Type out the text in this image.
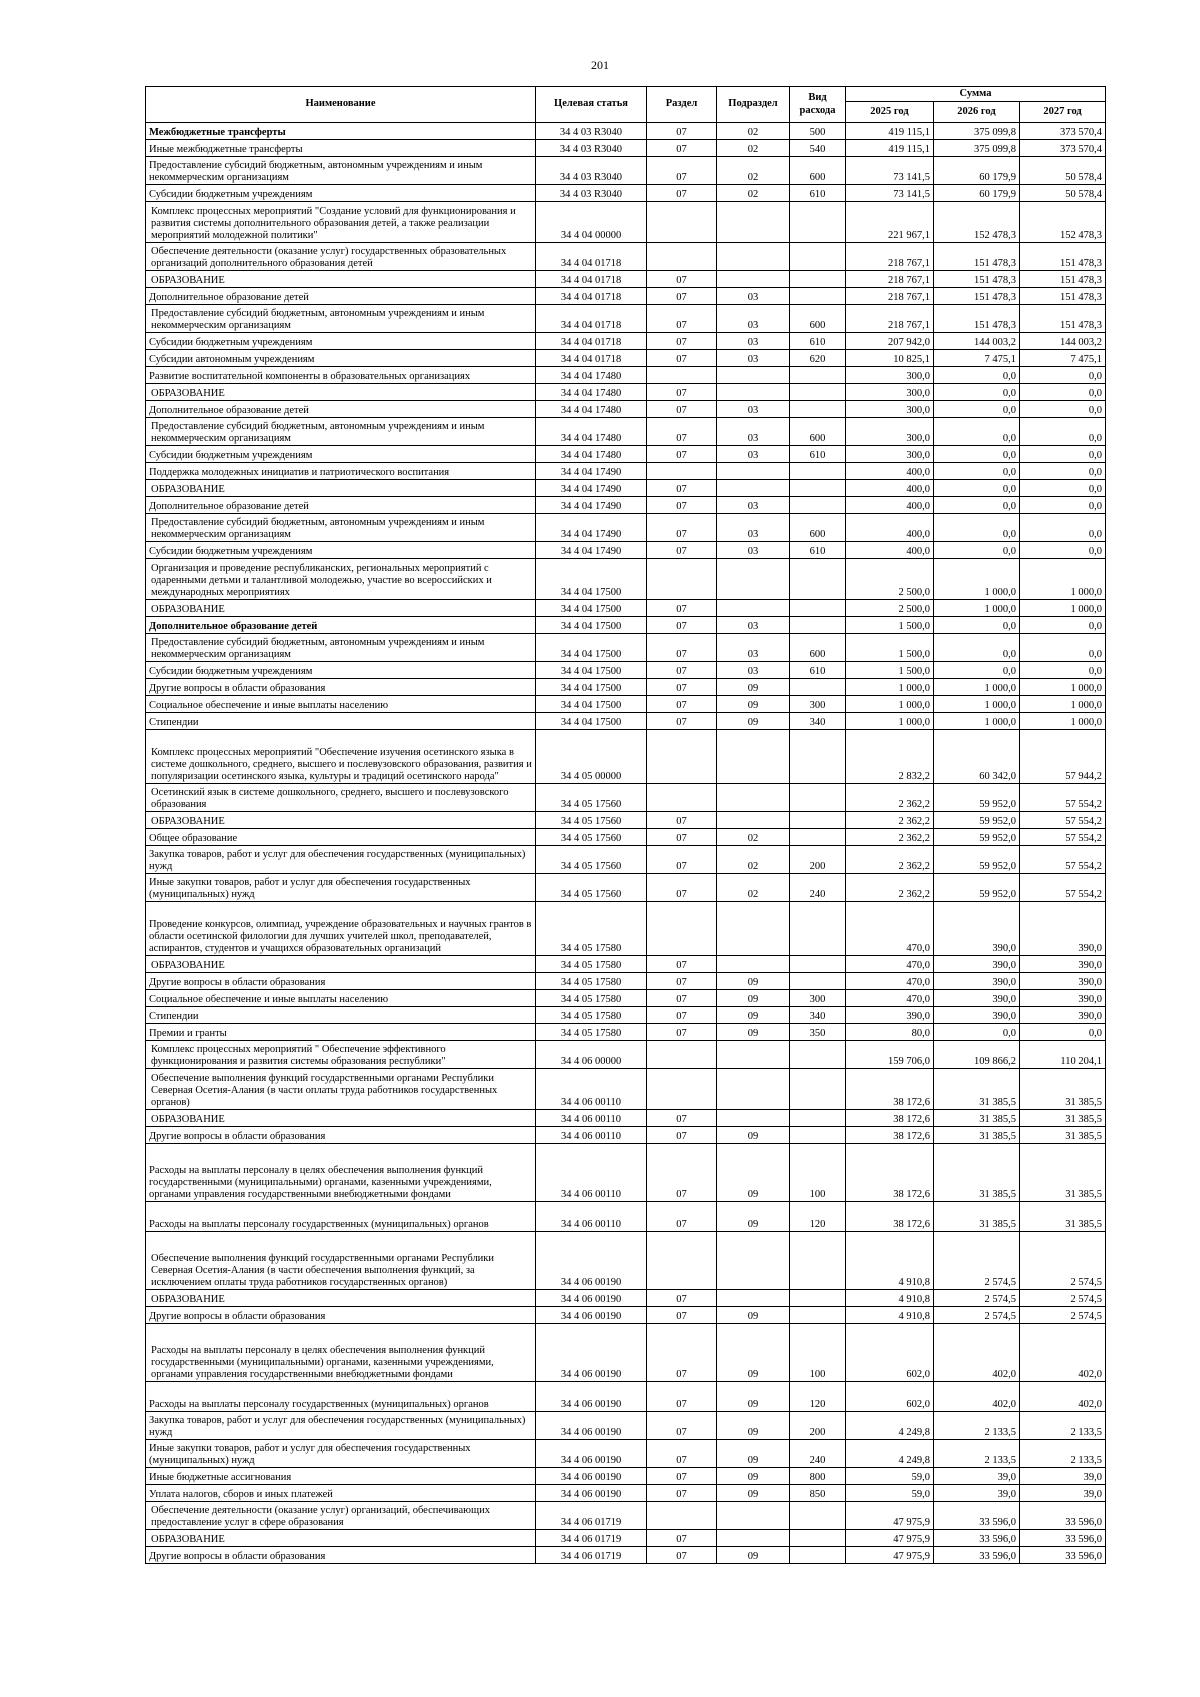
201
Наименование	Целевая статья	Раздел	Подраздел	Вид расхода	Сумма		
					2025 год	2026 год	2027 год
Межбюджетные трансферты	34 4 03 R3040	07	02	500	419 115,1	375 099,8	373 570,4
Иные межбюджетные трансферты	34 4 03 R3040	07	02	540	419 115,1	375 099,8	373 570,4
Предоставление субсидий бюджетным, автономным учреждениям и иным некоммерческим организациям	34 4 03 R3040	07	02	600	73 141,5	60 179,9	50 578,4
Субсидии бюджетным учреждениям	34 4 03 R3040	07	02	610	73 141,5	60 179,9	50 578,4
Комплекс процессных мероприятий "Создание условий для функционирования и развития системы дополнительного образования детей, а также реализации мероприятий молодежной политики"	34 4 04 00000				221 967,1	152 478,3	152 478,3
Обеспечение деятельности (оказание услуг) государственных образовательных организаций дополнительного образования детей	34 4 04 01718				218 767,1	151 478,3	151 478,3
ОБРАЗОВАНИЕ	34 4 04 01718	07			218 767,1	151 478,3	151 478,3
Дополнительное образование детей	34 4 04 01718	07	03		218 767,1	151 478,3	151 478,3
Предоставление субсидий бюджетным, автономным учреждениям и иным некоммерческим организациям	34 4 04 01718	07	03	600	218 767,1	151 478,3	151 478,3
Субсидии бюджетным учреждениям	34 4 04 01718	07	03	610	207 942,0	144 003,2	144 003,2
Субсидии автономным учреждениям	34 4 04 01718	07	03	620	10 825,1	7 475,1	7 475,1
Развитие воспитательной компоненты в образовательных организациях	34 4 04 17480				300,0	0,0	0,0
ОБРАЗОВАНИЕ	34 4 04 17480	07			300,0	0,0	0,0
Дополнительное образование детей	34 4 04 17480	07	03		300,0	0,0	0,0
Предоставление субсидий бюджетным, автономным учреждениям и иным некоммерческим организациям	34 4 04 17480	07	03	600	300,0	0,0	0,0
Субсидии бюджетным учреждениям	34 4 04 17480	07	03	610	300,0	0,0	0,0
Поддержка молодежных инициатив и патриотического воспитания	34 4 04 17490				400,0	0,0	0,0
ОБРАЗОВАНИЕ	34 4 04 17490	07			400,0	0,0	0,0
Дополнительное образование детей	34 4 04 17490	07	03		400,0	0,0	0,0
Предоставление субсидий бюджетным, автономным учреждениям и иным некоммерческим организациям	34 4 04 17490	07	03	600	400,0	0,0	0,0
Субсидии бюджетным учреждениям	34 4 04 17490	07	03	610	400,0	0,0	0,0
Организация и проведение республиканских, региональных мероприятий с одаренными детьми и талантливой молодежью, участие во всероссийских и международных мероприятиях	34 4 04 17500				2 500,0	1 000,0	1 000,0
ОБРАЗОВАНИЕ	34 4 04 17500	07			2 500,0	1 000,0	1 000,0
Дополнительное образование детей	34 4 04 17500	07	03		1 500,0	0,0	0,0
Предоставление субсидий бюджетным, автономным учреждениям и иным некоммерческим организациям	34 4 04 17500	07	03	600	1 500,0	0,0	0,0
Субсидии бюджетным учреждениям	34 4 04 17500	07	03	610	1 500,0	0,0	0,0
Другие вопросы в области образования	34 4 04 17500	07	09		1 000,0	1 000,0	1 000,0
Социальное обеспечение и иные выплаты населению	34 4 04 17500	07	09	300	1 000,0	1 000,0	1 000,0
Стипендии	34 4 04 17500	07	09	340	1 000,0	1 000,0	1 000,0
Комплекс процессных мероприятий "Обеспечение изучения осетинского языка в системе дошкольного, среднего, высшего и послевузовского образования, развития и популяризации осетинского языка, культуры и традиций осетинского народа"	34 4 05 00000				2 832,2	60 342,0	57 944,2
Осетинский язык в системе дошкольного, среднего, высшего и послевузовского образования	34 4 05 17560				2 362,2	59 952,0	57 554,2
ОБРАЗОВАНИЕ	34 4 05 17560	07			2 362,2	59 952,0	57 554,2
Общее образование	34 4 05 17560	07	02		2 362,2	59 952,0	57 554,2
Закупка товаров, работ и услуг для обеспечения государственных (муниципальных) нужд	34 4 05 17560	07	02	200	2 362,2	59 952,0	57 554,2
Иные закупки товаров, работ и услуг для обеспечения государственных (муниципальных) нужд	34 4 05 17560	07	02	240	2 362,2	59 952,0	57 554,2
Проведение конкурсов, олимпиад, учреждение образовательных и научных грантов в области осетинской филологии для лучших учителей школ, преподавателей, аспирантов, студентов и учащихся образовательных организаций	34 4 05 17580				470,0	390,0	390,0
ОБРАЗОВАНИЕ	34 4 05 17580	07			470,0	390,0	390,0
Другие вопросы в области образования	34 4 05 17580	07	09		470,0	390,0	390,0
Социальное обеспечение и иные выплаты населению	34 4 05 17580	07	09	300	470,0	390,0	390,0
Стипендии	34 4 05 17580	07	09	340	390,0	390,0	390,0
Премии и гранты	34 4 05 17580	07	09	350	80,0	0,0	0,0
Комплекс процессных мероприятий " Обеспечение эффективного функционирования и развития системы образования республики"	34 4 06 00000				159 706,0	109 866,2	110 204,1
Обеспечение выполнения функций государственными органами Республики Северная Осетия-Алания (в части оплаты труда работников государственных органов)	34 4 06 00110				38 172,6	31 385,5	31 385,5
ОБРАЗОВАНИЕ	34 4 06 00110	07			38 172,6	31 385,5	31 385,5
Другие вопросы в области образования	34 4 06 00110	07	09		38 172,6	31 385,5	31 385,5
Расходы на выплаты персоналу в целях обеспечения выполнения функций государственными (муниципальными) органами, казенными учреждениями, органами управления государственными внебюджетными фондами	34 4 06 00110	07	09	100	38 172,6	31 385,5	31 385,5
Расходы на выплаты персоналу государственных (муниципальных) органов	34 4 06 00110	07	09	120	38 172,6	31 385,5	31 385,5
Обеспечение выполнения функций государственными органами Республики Северная Осетия-Алания (в части обеспечения выполнения функций, за исключением оплаты труда работников государственных органов)	34 4 06 00190				4 910,8	2 574,5	2 574,5
ОБРАЗОВАНИЕ	34 4 06 00190	07			4 910,8	2 574,5	2 574,5
Другие вопросы в области образования	34 4 06 00190	07	09		4 910,8	2 574,5	2 574,5
Расходы на выплаты персоналу в целях обеспечения выполнения функций государственными (муниципальными) органами, казенными учреждениями, органами управления государственными внебюджетными фондами	34 4 06 00190	07	09	100	602,0	402,0	402,0
Расходы на выплаты персоналу государственных (муниципальных) органов	34 4 06 00190	07	09	120	602,0	402,0	402,0
Закупка товаров, работ и услуг для обеспечения государственных (муниципальных) нужд	34 4 06 00190	07	09	200	4 249,8	2 133,5	2 133,5
Иные закупки товаров, работ и услуг для обеспечения государственных (муниципальных) нужд	34 4 06 00190	07	09	240	4 249,8	2 133,5	2 133,5
Иные бюджетные ассигнования	34 4 06 00190	07	09	800	59,0	39,0	39,0
Уплата налогов, сборов и иных платежей	34 4 06 00190	07	09	850	59,0	39,0	39,0
Обеспечение деятельности (оказание услуг) организаций, обеспечивающих предоставление услуг в сфере образования	34 4 06 01719				47 975,9	33 596,0	33 596,0
ОБРАЗОВАНИЕ	34 4 06 01719	07			47 975,9	33 596,0	33 596,0
Другие вопросы в области образования	34 4 06 01719	07	09		47 975,9	33 596,0	33 596,0
